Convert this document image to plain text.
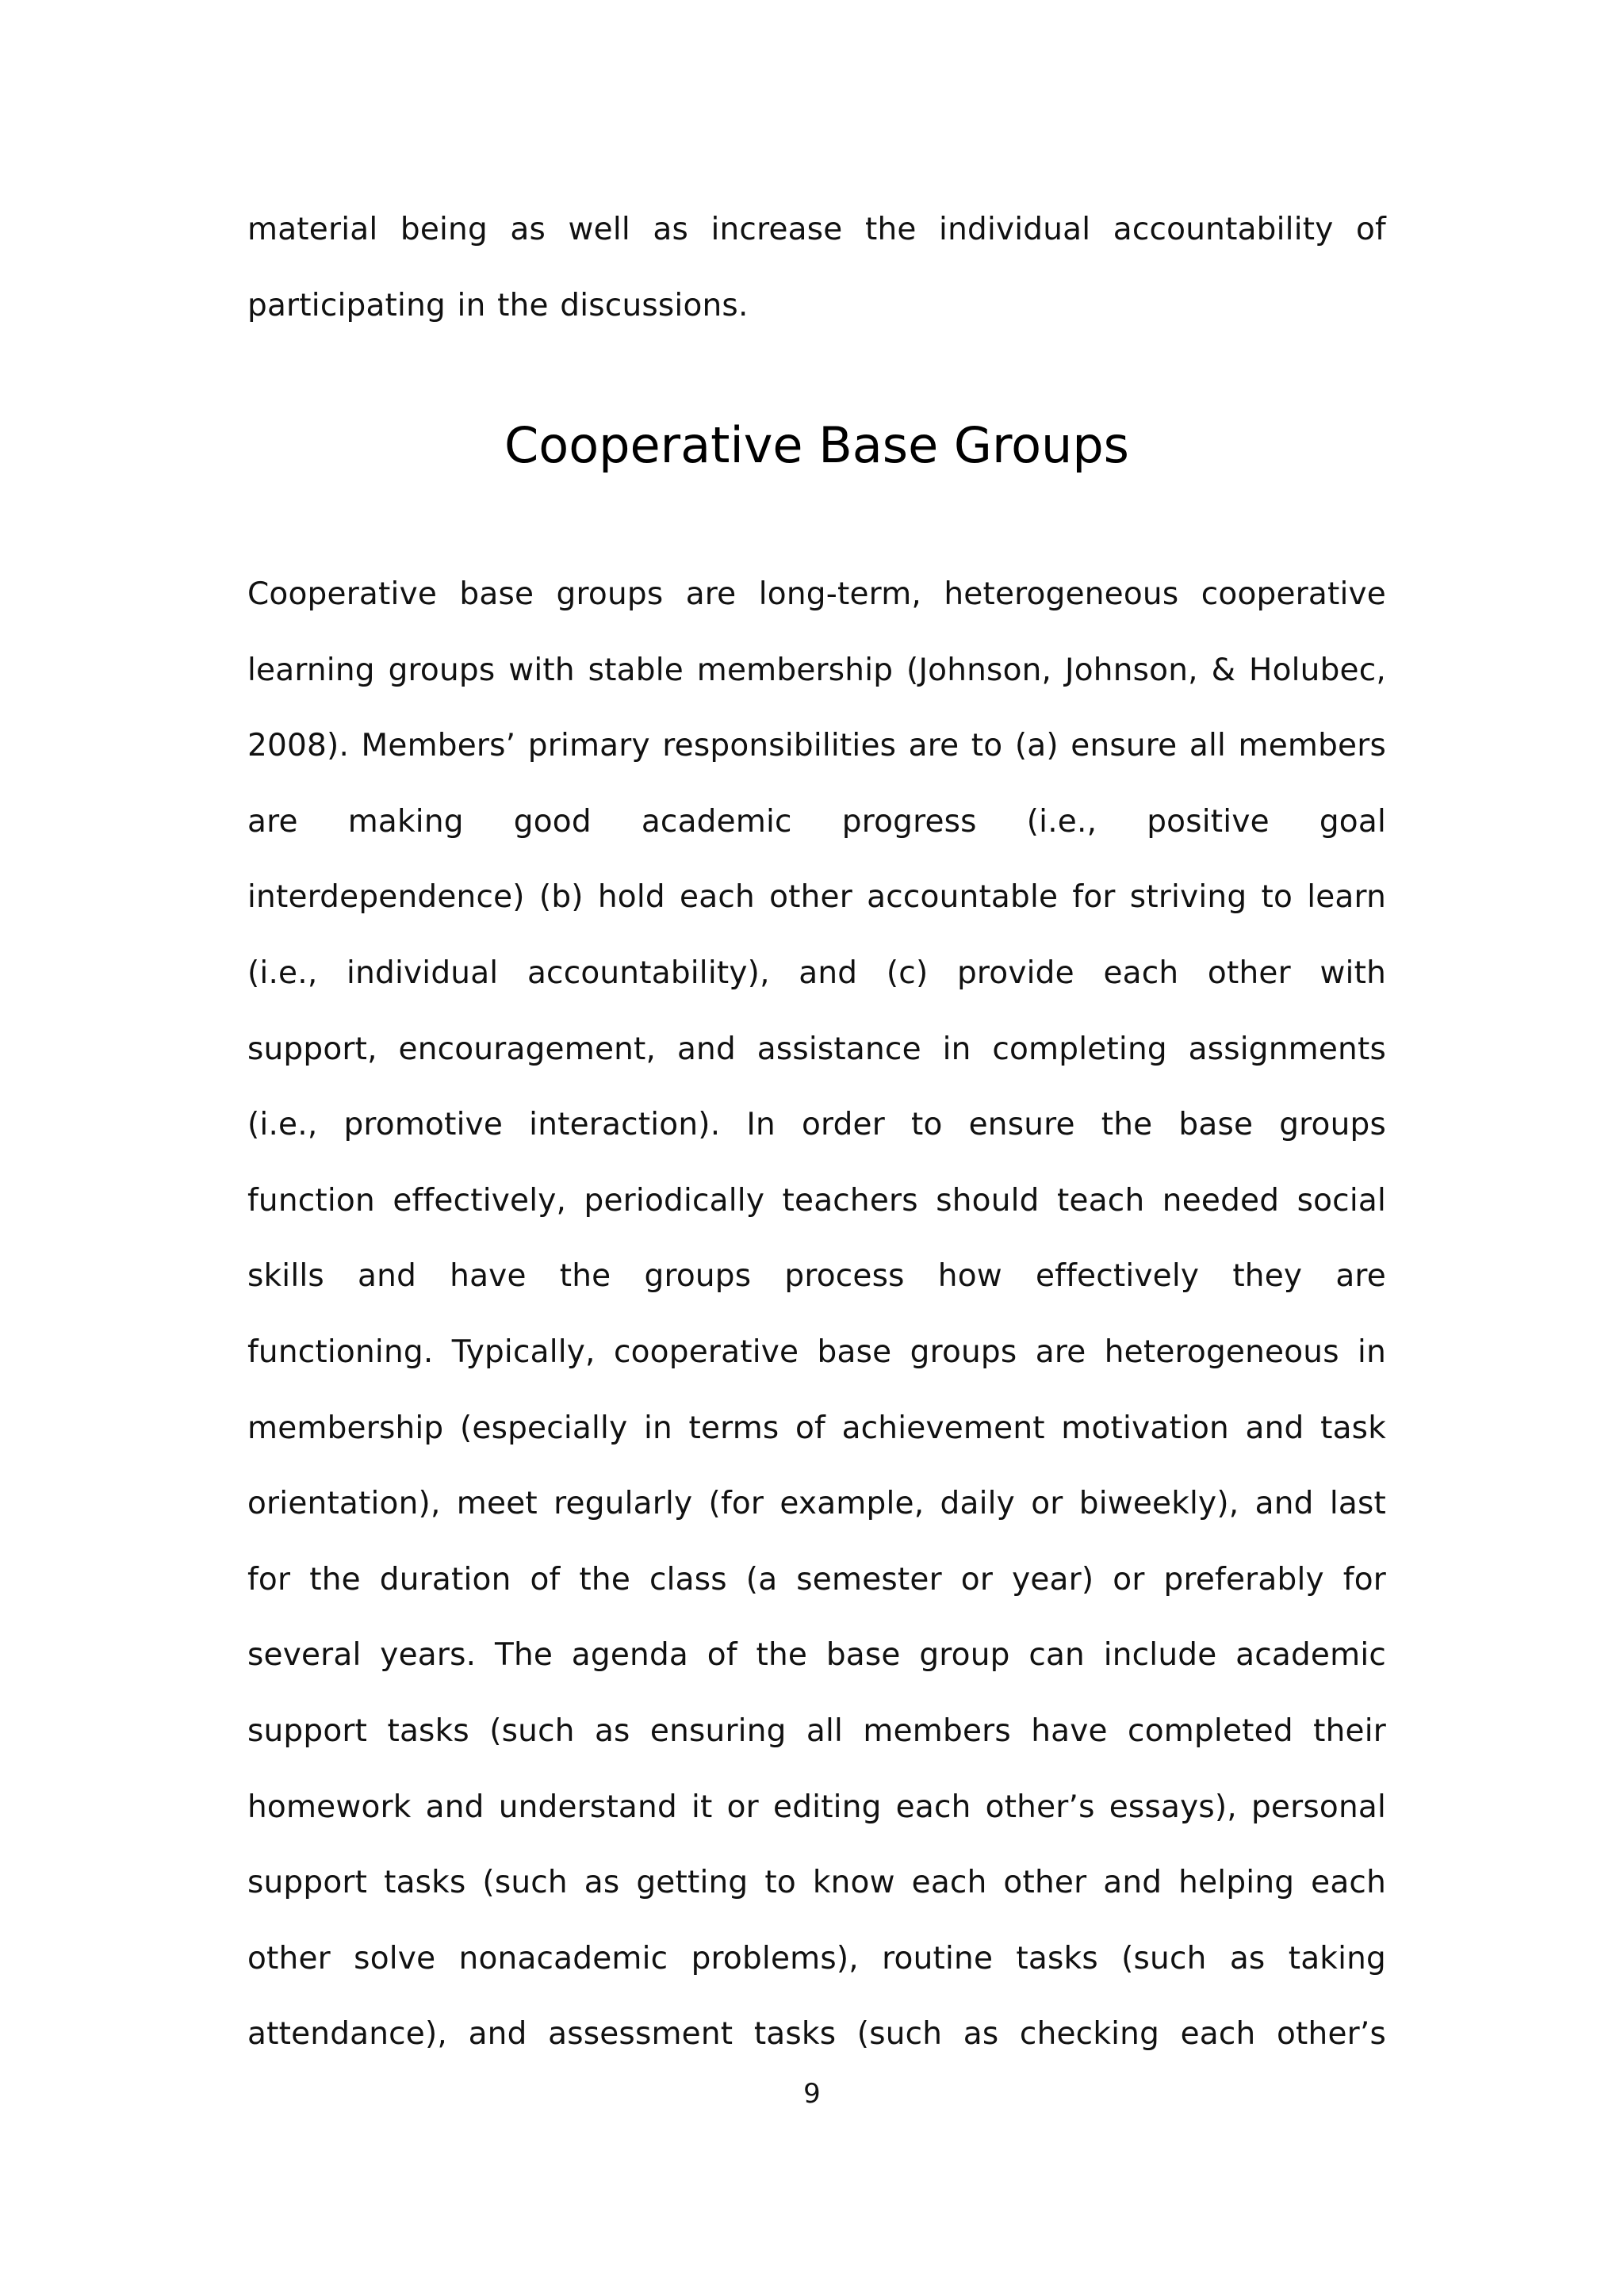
material being as well as increase the individual accountability of participating in the discussions.

Cooperative Base Groups

Cooperative base groups are long-term, heterogeneous cooperative learning groups with stable membership (Johnson, Johnson, & Holubec, 2008). Members’ primary responsibilities are to (a) ensure all members are making good academic progress (i.e., positive goal interdependence) (b) hold each other accountable for striving to learn (i.e., individual accountability), and (c) provide each other with support, encouragement, and assistance in completing assignments (i.e., promotive interaction). In order to ensure the base groups function effectively, periodically teachers should teach needed social skills and have the groups process how effectively they are functioning. Typically, cooperative base groups are heterogeneous in membership (especially in terms of achievement motivation and task orientation), meet regularly (for example, daily or biweekly), and last for the duration of the class (a semester or year) or preferably for several years. The agenda of the base group can include academic support tasks (such as ensuring all members have completed their homework and understand it or editing each other’s essays), personal support tasks (such as getting to know each other and helping each other solve nonacademic problems), routine tasks (such as taking attendance), and assessment tasks (such as checking each other’s

9
